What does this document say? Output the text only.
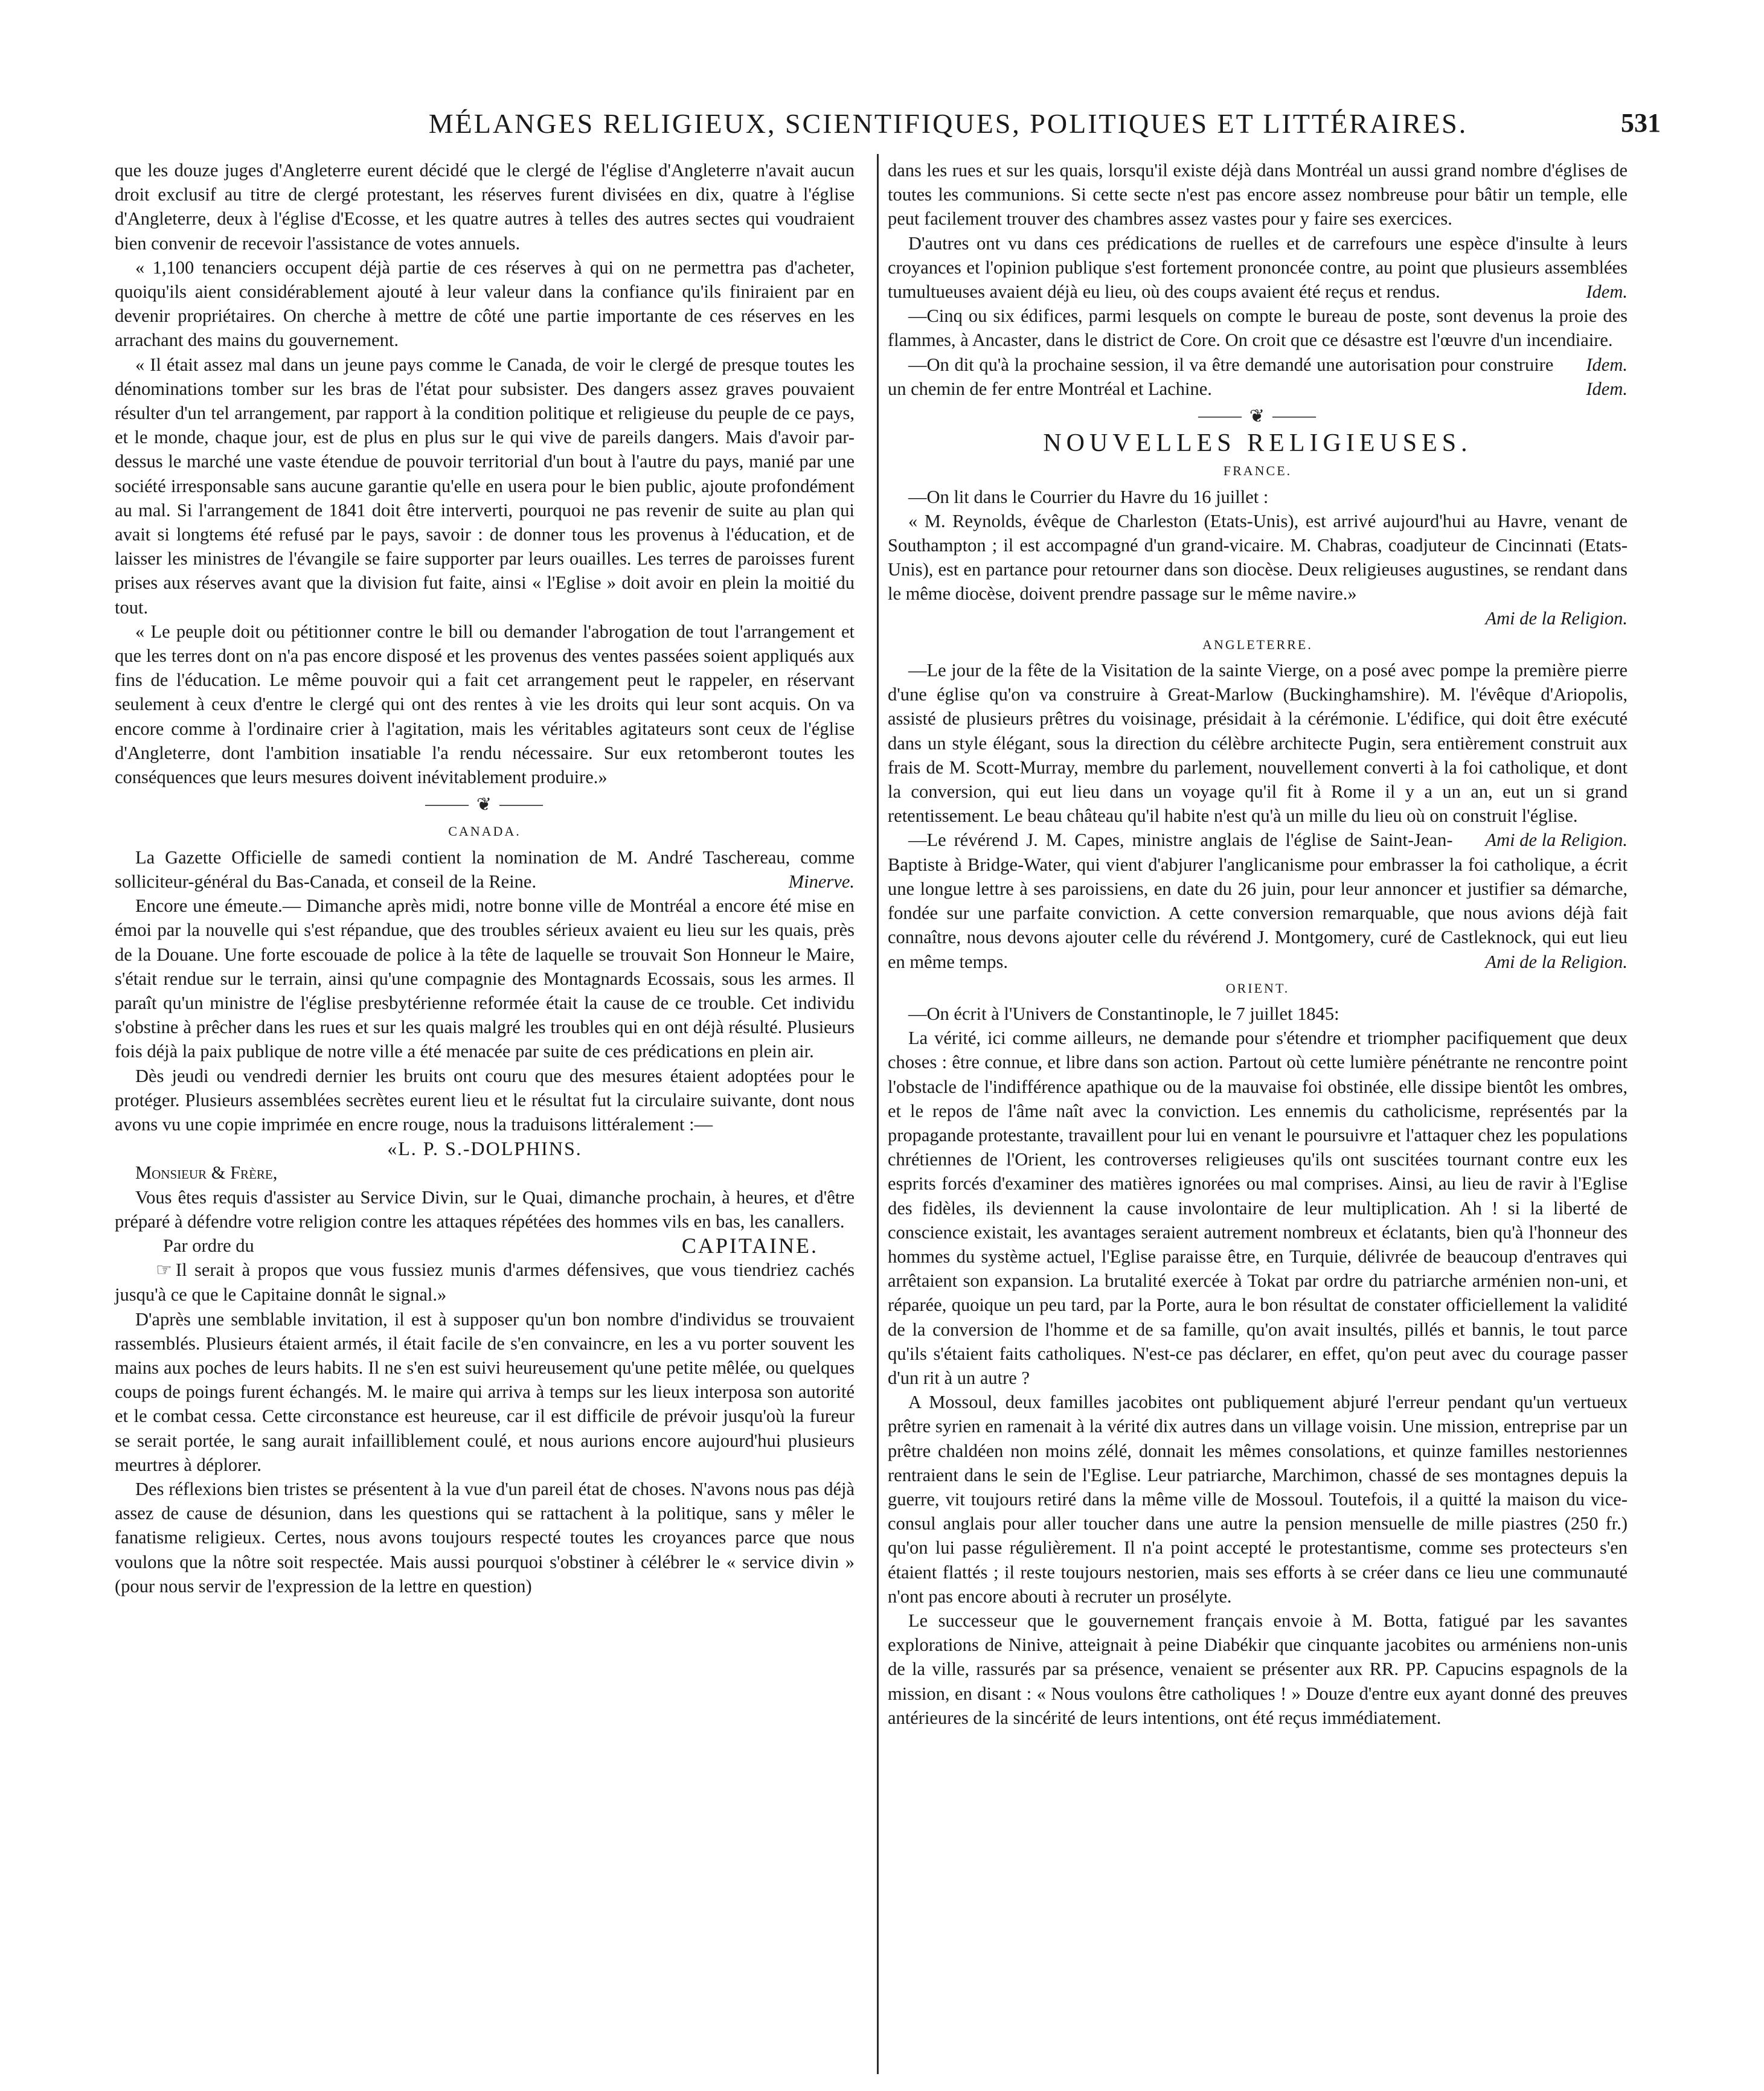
MÉLANGES RELIGIEUX, SCIENTIFIQUES, POLITIQUES ET LITTÉRAIRES.	531

que les douze juges d'Angleterre eurent décidé que le clergé de l'église d'Angleterre n'avait aucun droit exclusif au titre de clergé protestant, les réserves furent divisées en dix, quatre à l'église d'Angleterre, deux à l'église d'Ecosse, et les quatre autres à telles des autres sectes qui voudraient bien convenir de recevoir l'assistance de votes annuels.

« 1,100 tenanciers occupent déjà partie de ces réserves à qui on ne permettra pas d'acheter, quoiqu'ils aient considérablement ajouté à leur valeur dans la confiance qu'ils finiraient par en devenir propriétaires. On cherche à mettre de côté une partie importante de ces réserves en les arrachant des mains du gouvernement.

« Il était assez mal dans un jeune pays comme le Canada, de voir le clergé de presque toutes les dénominations tomber sur les bras de l'état pour subsister. Des dangers assez graves pouvaient résulter d'un tel arrangement, par rapport à la condition politique et religieuse du peuple de ce pays, et le monde, chaque jour, est de plus en plus sur le qui vive de pareils dangers. Mais d'avoir par-dessus le marché une vaste étendue de pouvoir territorial d'un bout à l'autre du pays, manié par une société irresponsable sans aucune garantie qu'elle en usera pour le bien public, ajoute profondément au mal. Si l'arrangement de 1841 doit être interverti, pourquoi ne pas revenir de suite au plan qui avait si longtems été refusé par le pays, savoir : de donner tous les provenus à l'éducation, et de laisser les ministres de l'évangile se faire supporter par leurs ouailles. Les terres de paroisses furent prises aux réserves avant que la division fut faite, ainsi « l'Eglise » doit avoir en plein la moitié du tout.

« Le peuple doit ou pétitionner contre le bill ou demander l'abrogation de tout l'arrangement et que les terres dont on n'a pas encore disposé et les provenus des ventes passées soient appliqués aux fins de l'éducation. Le même pouvoir qui a fait cet arrangement peut le rappeler, en réservant seulement à ceux d'entre le clergé qui ont des rentes à vie les droits qui leur sont acquis. On va encore comme à l'ordinaire crier à l'agitation, mais les véritables agitateurs sont ceux de l'église d'Angleterre, dont l'ambition insatiable l'a rendu nécessaire. Sur eux retomberont toutes les conséquences que leurs mesures doivent inévitablement produire.»

⸻ ❦ ⸻
CANADA.

La Gazette Officielle de samedi contient la nomination de M. André Taschereau, comme solliciteur-général du Bas-Canada, et conseil de la Reine.	Minerve.

Encore une émeute.— Dimanche après midi, notre bonne ville de Montréal a encore été mise en émoi par la nouvelle qui s'est répandue, que des troubles sérieux avaient eu lieu sur les quais, près de la Douane. Une forte escouade de police à la tête de laquelle se trouvait Son Honneur le Maire, s'était rendue sur le terrain, ainsi qu'une compagnie des Montagnards Ecossais, sous les armes. Il paraît qu'un ministre de l'église presbytérienne reformée était la cause de ce trouble. Cet individu s'obstine à prêcher dans les rues et sur les quais malgré les troubles qui en ont déjà résulté. Plusieurs fois déjà la paix publique de notre ville a été menacée par suite de ces prédications en plein air.

Dès jeudi ou vendredi dernier les bruits ont couru que des mesures étaient adoptées pour le protéger. Plusieurs assemblées secrètes eurent lieu et le résultat fut la circulaire suivante, dont nous avons vu une copie imprimée en encre rouge, nous la traduisons littéralement :—

«L. P. S.-DOLPHINS.

Monsieur & Frère,

Vous êtes requis d'assister au Service Divin, sur le Quai, dimanche prochain, à heures, et d'être préparé à défendre votre religion contre les attaques répétées des hommes vils en bas, les canallers.

Par ordre du	CAPITAINE.

☞ Il serait à propos que vous fussiez munis d'armes défensives, que vous tiendriez cachés jusqu'à ce que le Capitaine donnât le signal.»

D'après une semblable invitation, il est à supposer qu'un bon nombre d'individus se trouvaient rassemblés. Plusieurs étaient armés, il était facile de s'en convaincre, en les a vu porter souvent les mains aux poches de leurs habits. Il ne s'en est suivi heureusement qu'une petite mêlée, ou quelques coups de poings furent échangés. M. le maire qui arriva à temps sur les lieux interposa son autorité et le combat cessa. Cette circonstance est heureuse, car il est difficile de prévoir jusqu'où la fureur se serait portée, le sang aurait infailliblement coulé, et nous aurions encore aujourd'hui plusieurs meurtres à déplorer.

Des réflexions bien tristes se présentent à la vue d'un pareil état de choses. N'avons nous pas déjà assez de cause de désunion, dans les questions qui se rattachent à la politique, sans y mêler le fanatisme religieux. Certes, nous avons toujours respecté toutes les croyances parce que nous voulons que la nôtre soit respectée. Mais aussi pourquoi s'obstiner à célébrer le « service divin » (pour nous servir de l'expression de la lettre en question)

dans les rues et sur les quais, lorsqu'il existe déjà dans Montréal un aussi grand nombre d'églises de toutes les communions. Si cette secte n'est pas encore assez nombreuse pour bâtir un temple, elle peut facilement trouver des chambres assez vastes pour y faire ses exercices.

D'autres ont vu dans ces prédications de ruelles et de carrefours une espèce d'insulte à leurs croyances et l'opinion publique s'est fortement prononcée contre, au point que plusieurs assemblées tumultueuses avaient déjà eu lieu, où des coups avaient été reçus et rendus.	Idem.

—Cinq ou six édifices, parmi lesquels on compte le bureau de poste, sont devenus la proie des flammes, à Ancaster, dans le district de Core. On croit que ce désastre est l'œuvre d'un incendiaire.
Idem.

—On dit qu'à la prochaine session, il va être demandé une autorisation pour construire un chemin de fer entre Montréal et Lachine.	Idem.

⸻ ❦ ⸻
NOUVELLES RELIGIEUSES.
FRANCE.

—On lit dans le Courrier du Havre du 16 juillet :

« M. Reynolds, évêque de Charleston (Etats-Unis), est arrivé aujourd'hui au Havre, venant de Southampton ; il est accompagné d'un grand-vicaire. M. Chabras, coadjuteur de Cincinnati (Etats-Unis), est en partance pour retourner dans son diocèse. Deux religieuses augustines, se rendant dans le même diocèse, doivent prendre passage sur le même navire.»

Ami de la Religion.

ANGLETERRE.

—Le jour de la fête de la Visitation de la sainte Vierge, on a posé avec pompe la première pierre d'une église qu'on va construire à Great-Marlow (Buckinghamshire). M. l'évêque d'Ariopolis, assisté de plusieurs prêtres du voisinage, présidait à la cérémonie. L'édifice, qui doit être exécuté dans un style élégant, sous la direction du célèbre architecte Pugin, sera entièrement construit aux frais de M. Scott-Murray, membre du parlement, nouvellement converti à la foi catholique, et dont la conversion, qui eut lieu dans un voyage qu'il fit à Rome il y a un an, eut un si grand retentissement. Le beau château qu'il habite n'est qu'à un mille du lieu où on construit l'église.
Ami de la Religion.

—Le révérend J. M. Capes, ministre anglais de l'église de Saint-Jean-Baptiste à Bridge-Water, qui vient d'abjurer l'anglicanisme pour embrasser la foi catholique, a écrit une longue lettre à ses paroissiens, en date du 26 juin, pour leur annoncer et justifier sa démarche, fondée sur une parfaite conviction. A cette conversion remarquable, que nous avions déjà fait connaître, nous devons ajouter celle du révérend J. Montgomery, curé de Castleknock, qui eut lieu en même temps.	Ami de la Religion.

ORIENT.

—On écrit à l'Univers de Constantinople, le 7 juillet 1845:

La vérité, ici comme ailleurs, ne demande pour s'étendre et triompher pacifiquement que deux choses : être connue, et libre dans son action. Partout où cette lumière pénétrante ne rencontre point l'obstacle de l'indifférence apathique ou de la mauvaise foi obstinée, elle dissipe bientôt les ombres, et le repos de l'âme naît avec la conviction. Les ennemis du catholicisme, représentés par la propagande protestante, travaillent pour lui en venant le poursuivre et l'attaquer chez les populations chrétiennes de l'Orient, les controverses religieuses qu'ils ont suscitées tournant contre eux les esprits forcés d'examiner des matières ignorées ou mal comprises. Ainsi, au lieu de ravir à l'Eglise des fidèles, ils deviennent la cause involontaire de leur multiplication. Ah ! si la liberté de conscience existait, les avantages seraient autrement nombreux et éclatants, bien qu'à l'honneur des hommes du système actuel, l'Eglise paraisse être, en Turquie, délivrée de beaucoup d'entraves qui arrêtaient son expansion. La brutalité exercée à Tokat par ordre du patriarche arménien non-uni, et réparée, quoique un peu tard, par la Porte, aura le bon résultat de constater officiellement la validité de la conversion de l'homme et de sa famille, qu'on avait insultés, pillés et bannis, le tout parce qu'ils s'étaient faits catholiques. N'est-ce pas déclarer, en effet, qu'on peut avec du courage passer d'un rit à un autre ?

A Mossoul, deux familles jacobites ont publiquement abjuré l'erreur pendant qu'un vertueux prêtre syrien en ramenait à la vérité dix autres dans un village voisin. Une mission, entreprise par un prêtre chaldéen non moins zélé, donnait les mêmes consolations, et quinze familles nestoriennes rentraient dans le sein de l'Eglise. Leur patriarche, Marchimon, chassé de ses montagnes depuis la guerre, vit toujours retiré dans la même ville de Mossoul. Toutefois, il a quitté la maison du vice-consul anglais pour aller toucher dans une autre la pension mensuelle de mille piastres (250 fr.) qu'on lui passe régulièrement. Il n'a point accepté le protestantisme, comme ses protecteurs s'en étaient flattés ; il reste toujours nestorien, mais ses efforts à se créer dans ce lieu une communauté n'ont pas encore abouti à recruter un prosélyte.

Le successeur que le gouvernement français envoie à M. Botta, fatigué par les savantes explorations de Ninive, atteignait à peine Diabékir que cinquante jacobites ou arméniens non-unis de la ville, rassurés par sa présence, venaient se présenter aux RR. PP. Capucins espagnols de la mission, en disant : « Nous voulons être catholiques ! » Douze d'entre eux ayant donné des preuves antérieures de la sincérité de leurs intentions, ont été reçus immédiatement.
